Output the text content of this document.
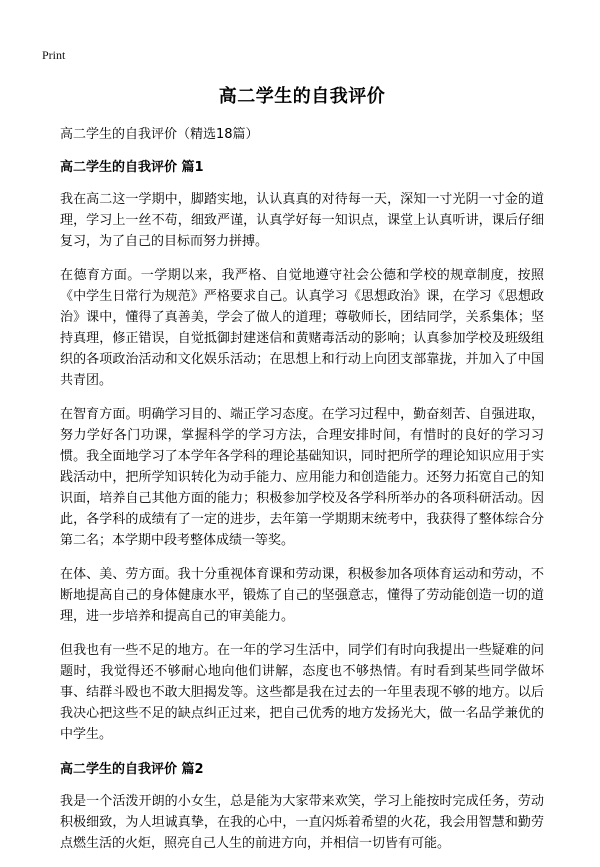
Print
高二学生的自我评价
高二学生的自我评价（精选18篇）
高二学生的自我评价 篇1

我在高二这一学期中，脚踏实地，认认真真的对待每一天，深知一寸光阴一寸金的道理，学习上一丝不苟，细致严谨，认真学好每一知识点，课堂上认真听讲，课后仔细复习，为了自己的目标而努力拼搏。

在德育方面。一学期以来，我严格、自觉地遵守社会公德和学校的规章制度，按照《中学生日常行为规范》严格要求自己。认真学习《思想政治》课，在学习《思想政治》课中，懂得了真善美，学会了做人的道理；尊敬师长，团结同学，关系集体；坚持真理，修正错误，自觉抵御封建迷信和黄赌毒活动的影响；认真参加学校及班级组织的各项政治活动和文化娱乐活动；在思想上和行动上向团支部靠拢，并加入了中国共青团。

在智育方面。明确学习目的、端正学习态度。在学习过程中，勤奋刻苦、自强进取，努力学好各门功课，掌握科学的学习方法，合理安排时间，有惜时的良好的学习习惯。我全面地学习了本学年各学科的理论基础知识，同时把所学的理论知识应用于实践活动中，把所学知识转化为动手能力、应用能力和创造能力。还努力拓宽自己的知识面，培养自己其他方面的能力；积极参加学校及各学科所举办的各项科研活动。因此，各学科的成绩有了一定的进步，去年第一学期期末统考中，我获得了整体综合分第二名；本学期中段考整体成绩一等奖。

在体、美、劳方面。我十分重视体育课和劳动课，积极参加各项体育运动和劳动，不断地提高自己的身体健康水平，锻炼了自己的坚强意志，懂得了劳动能创造一切的道理，进一步培养和提高自己的审美能力。

但我也有一些不足的地方。在一年的学习生活中，同学们有时向我提出一些疑难的问题时，我觉得还不够耐心地向他们讲解，态度也不够热情。有时看到某些同学做坏事、结群斗殴也不敢大胆揭发等。这些都是我在过去的一年里表现不够的地方。以后我决心把这些不足的缺点纠正过来，把自己优秀的地方发扬光大，做一名品学兼优的中学生。

高二学生的自我评价 篇2

我是一个活泼开朗的小女生，总是能为大家带来欢笑，学习上能按时完成任务，劳动积极细致，为人坦诚真挚，在我的心中，一直闪烁着希望的火花，我会用智慧和勤劳点燃生活的火炬，照亮自己人生的前进方向，并相信一切皆有可能。
